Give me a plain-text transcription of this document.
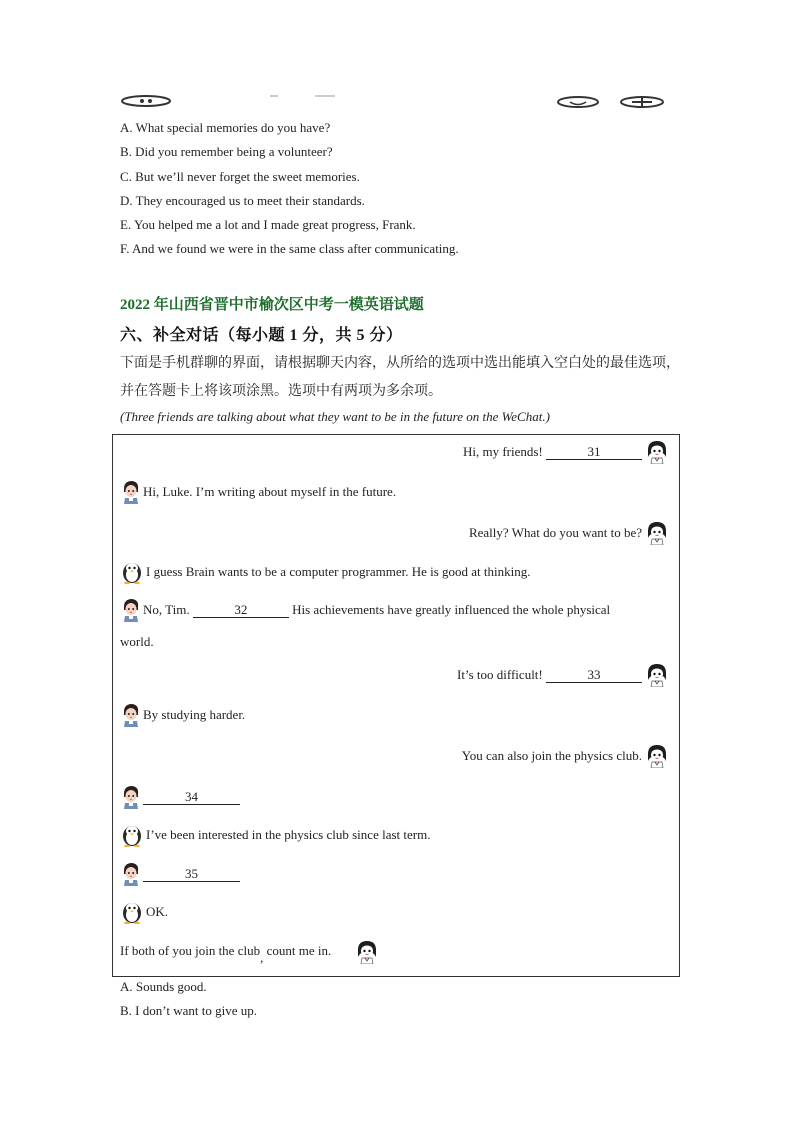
A. What special memories do you have?
B. Did you remember being a volunteer?
C. But we’ll never forget the sweet memories.
D. They encouraged us to meet their standards.
E. You helped me a lot and I made great progress, Frank.
F. And we found we were in the same class after communicating.
2022 年山西省晋中市榆次区中考一模英语试题
六、补全对话（每小题 1 分，共 5 分）
下面是手机群聊的界面，请根据聊天内容，从所给的选项中选出能填入空白处的最佳选项，并在答题卡上将该项涂黑。选项中有两项为多余项。
(Three friends are talking about what they want to be in the future on the WeChat.)
Hi, my friends!	31
Hi, Luke. I’m writing about myself in the future.
Really? What do you want to be?
I guess Brain wants to be a computer programmer. He is good at thinking.
No, Tim.	32	His achievements have greatly influenced the whole physical
world.
It’s too difficult!	33
By studying harder.
You can also join the physics club.
34
I’ve been interested in the physics club since last term.
35
OK.
If both of you join the club, count me in.
A. Sounds good.
B. I don’t want to give up.
